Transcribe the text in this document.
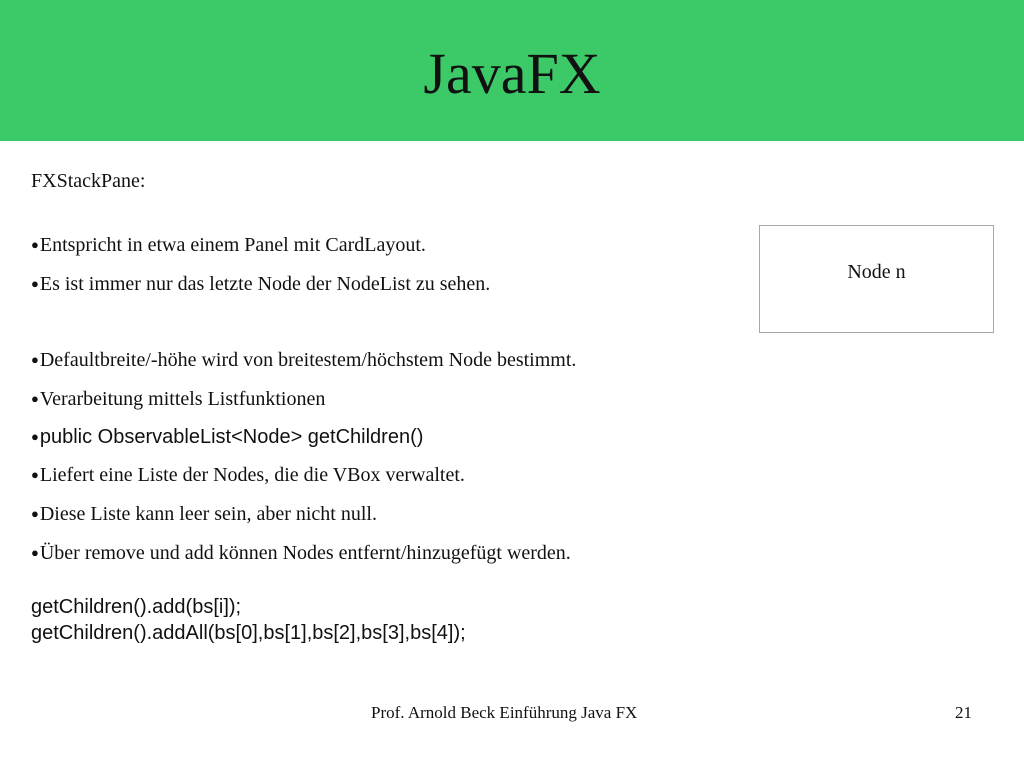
JavaFX
FXStackPane:
●Entspricht in etwa einem Panel mit CardLayout.
●Es ist immer nur das letzte Node der NodeList zu sehen.
●Defaultbreite/-höhe wird von breitestem/höchstem Node bestimmt.
●Verarbeitung mittels Listfunktionen
●public ObservableList<Node> getChildren()
●Liefert eine Liste der Nodes, die die VBox verwaltet.
●Diese Liste kann leer sein, aber nicht null.
●Über remove und add können Nodes entfernt/hinzugefügt werden.
getChildren().add(bs[i]);
getChildren().addAll(bs[0],bs[1],bs[2],bs[3],bs[4]);
Node n
Prof. Arnold Beck Einführung Java FX	21
